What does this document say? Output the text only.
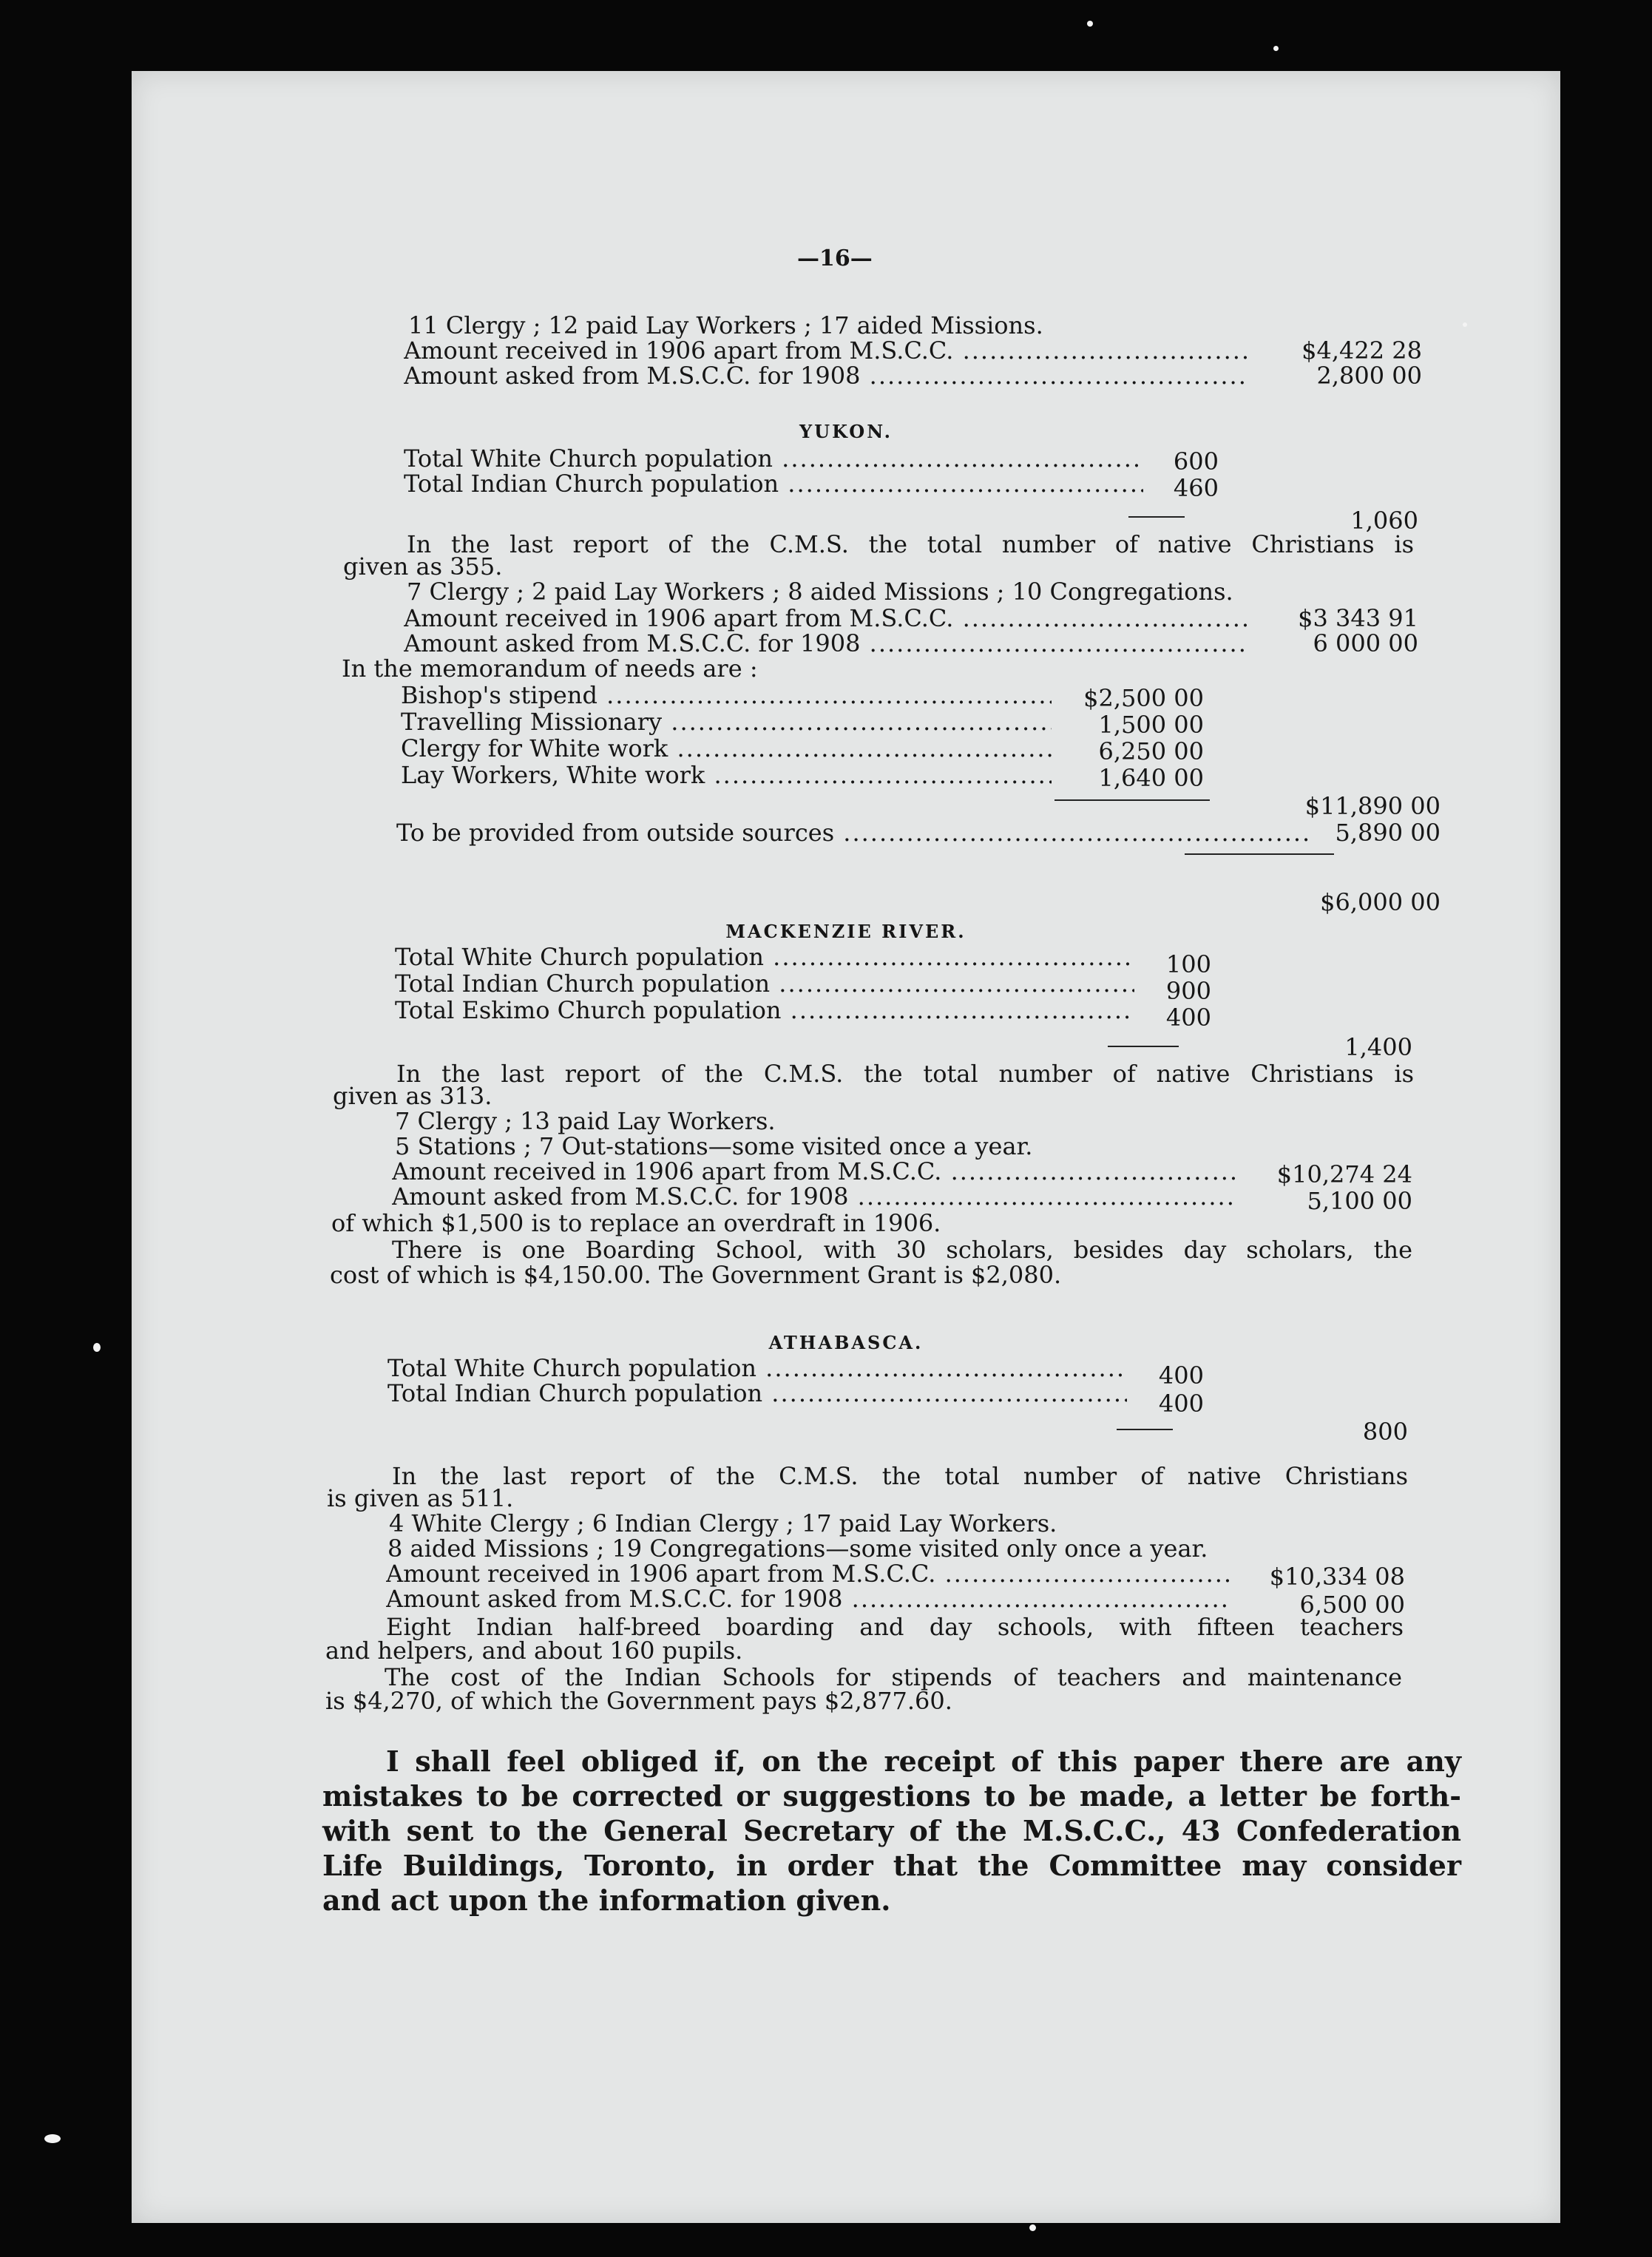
—16—
11 Clergy ; 12 paid Lay Workers ; 17 aided Missions.
Amount received in 1906 apart from M.S.C.C. .....	$4,422 28
Amount asked from M.S.C.C. for 1908 .....	2,800 00
YUKON.
Total White Church population .....	600
Total Indian Church population .....	460
1,060
In the last report of the C.M.S. the total number of native Christians is
given as 355.
7 Clergy ; 2 paid Lay Workers ; 8 aided Missions ; 10 Congregations.
Amount received in 1906 apart from M.S.C.C. .....	$3 343 91
Amount asked from M.S.C.C. for 1908 .....	6 000 00
In the memorandum of needs are :
Bishop's stipend .....	$2,500 00
Travelling Missionary .....	1,500 00
Clergy for White work .....	6,250 00
Lay Workers, White work .....	1,640 00
$11,890 00
To be provided from outside sources .....	5,890 00
$6,000 00
MACKENZIE RIVER.
Total White Church population .....	100
Total Indian Church population .....	900
Total Eskimo Church population .....	400
1,400
In the last report of the C.M.S. the total number of native Christians is
given as 313.
7 Clergy ; 13 paid Lay Workers.
5 Stations ; 7 Out-stations—some visited once a year.
Amount received in 1906 apart from M.S.C.C. .....	$10,274 24
Amount asked from M.S.C.C. for 1908 .....	5,100 00
of which $1,500 is to replace an overdraft in 1906.
There is one Boarding School, with 30 scholars, besides day scholars, the
cost of which is $4,150.00. The Government Grant is $2,080.
ATHABASCA.
Total White Church population .....	400
Total Indian Church population .....	400
800
In the last report of the C.M.S. the total number of native Christians
is given as 511.
4 White Clergy ; 6 Indian Clergy ; 17 paid Lay Workers.
8 aided Missions ; 19 Congregations—some visited only once a year.
Amount received in 1906 apart from M.S.C.C. .....	$10,334 08
Amount asked from M.S.C.C. for 1908 .....	6,500 00
Eight Indian half-breed boarding and day schools, with fifteen teachers
and helpers, and about 160 pupils.
The cost of the Indian Schools for stipends of teachers and maintenance
is $4,270, of which the Government pays $2,877.60.
I shall feel obliged if, on the receipt of this paper there are any
mistakes to be corrected or suggestions to be made, a letter be forth-
with sent to the General Secretary of the M.S.C.C., 43 Confederation
Life Buildings, Toronto, in order that the Committee may consider
and act upon the information given.
